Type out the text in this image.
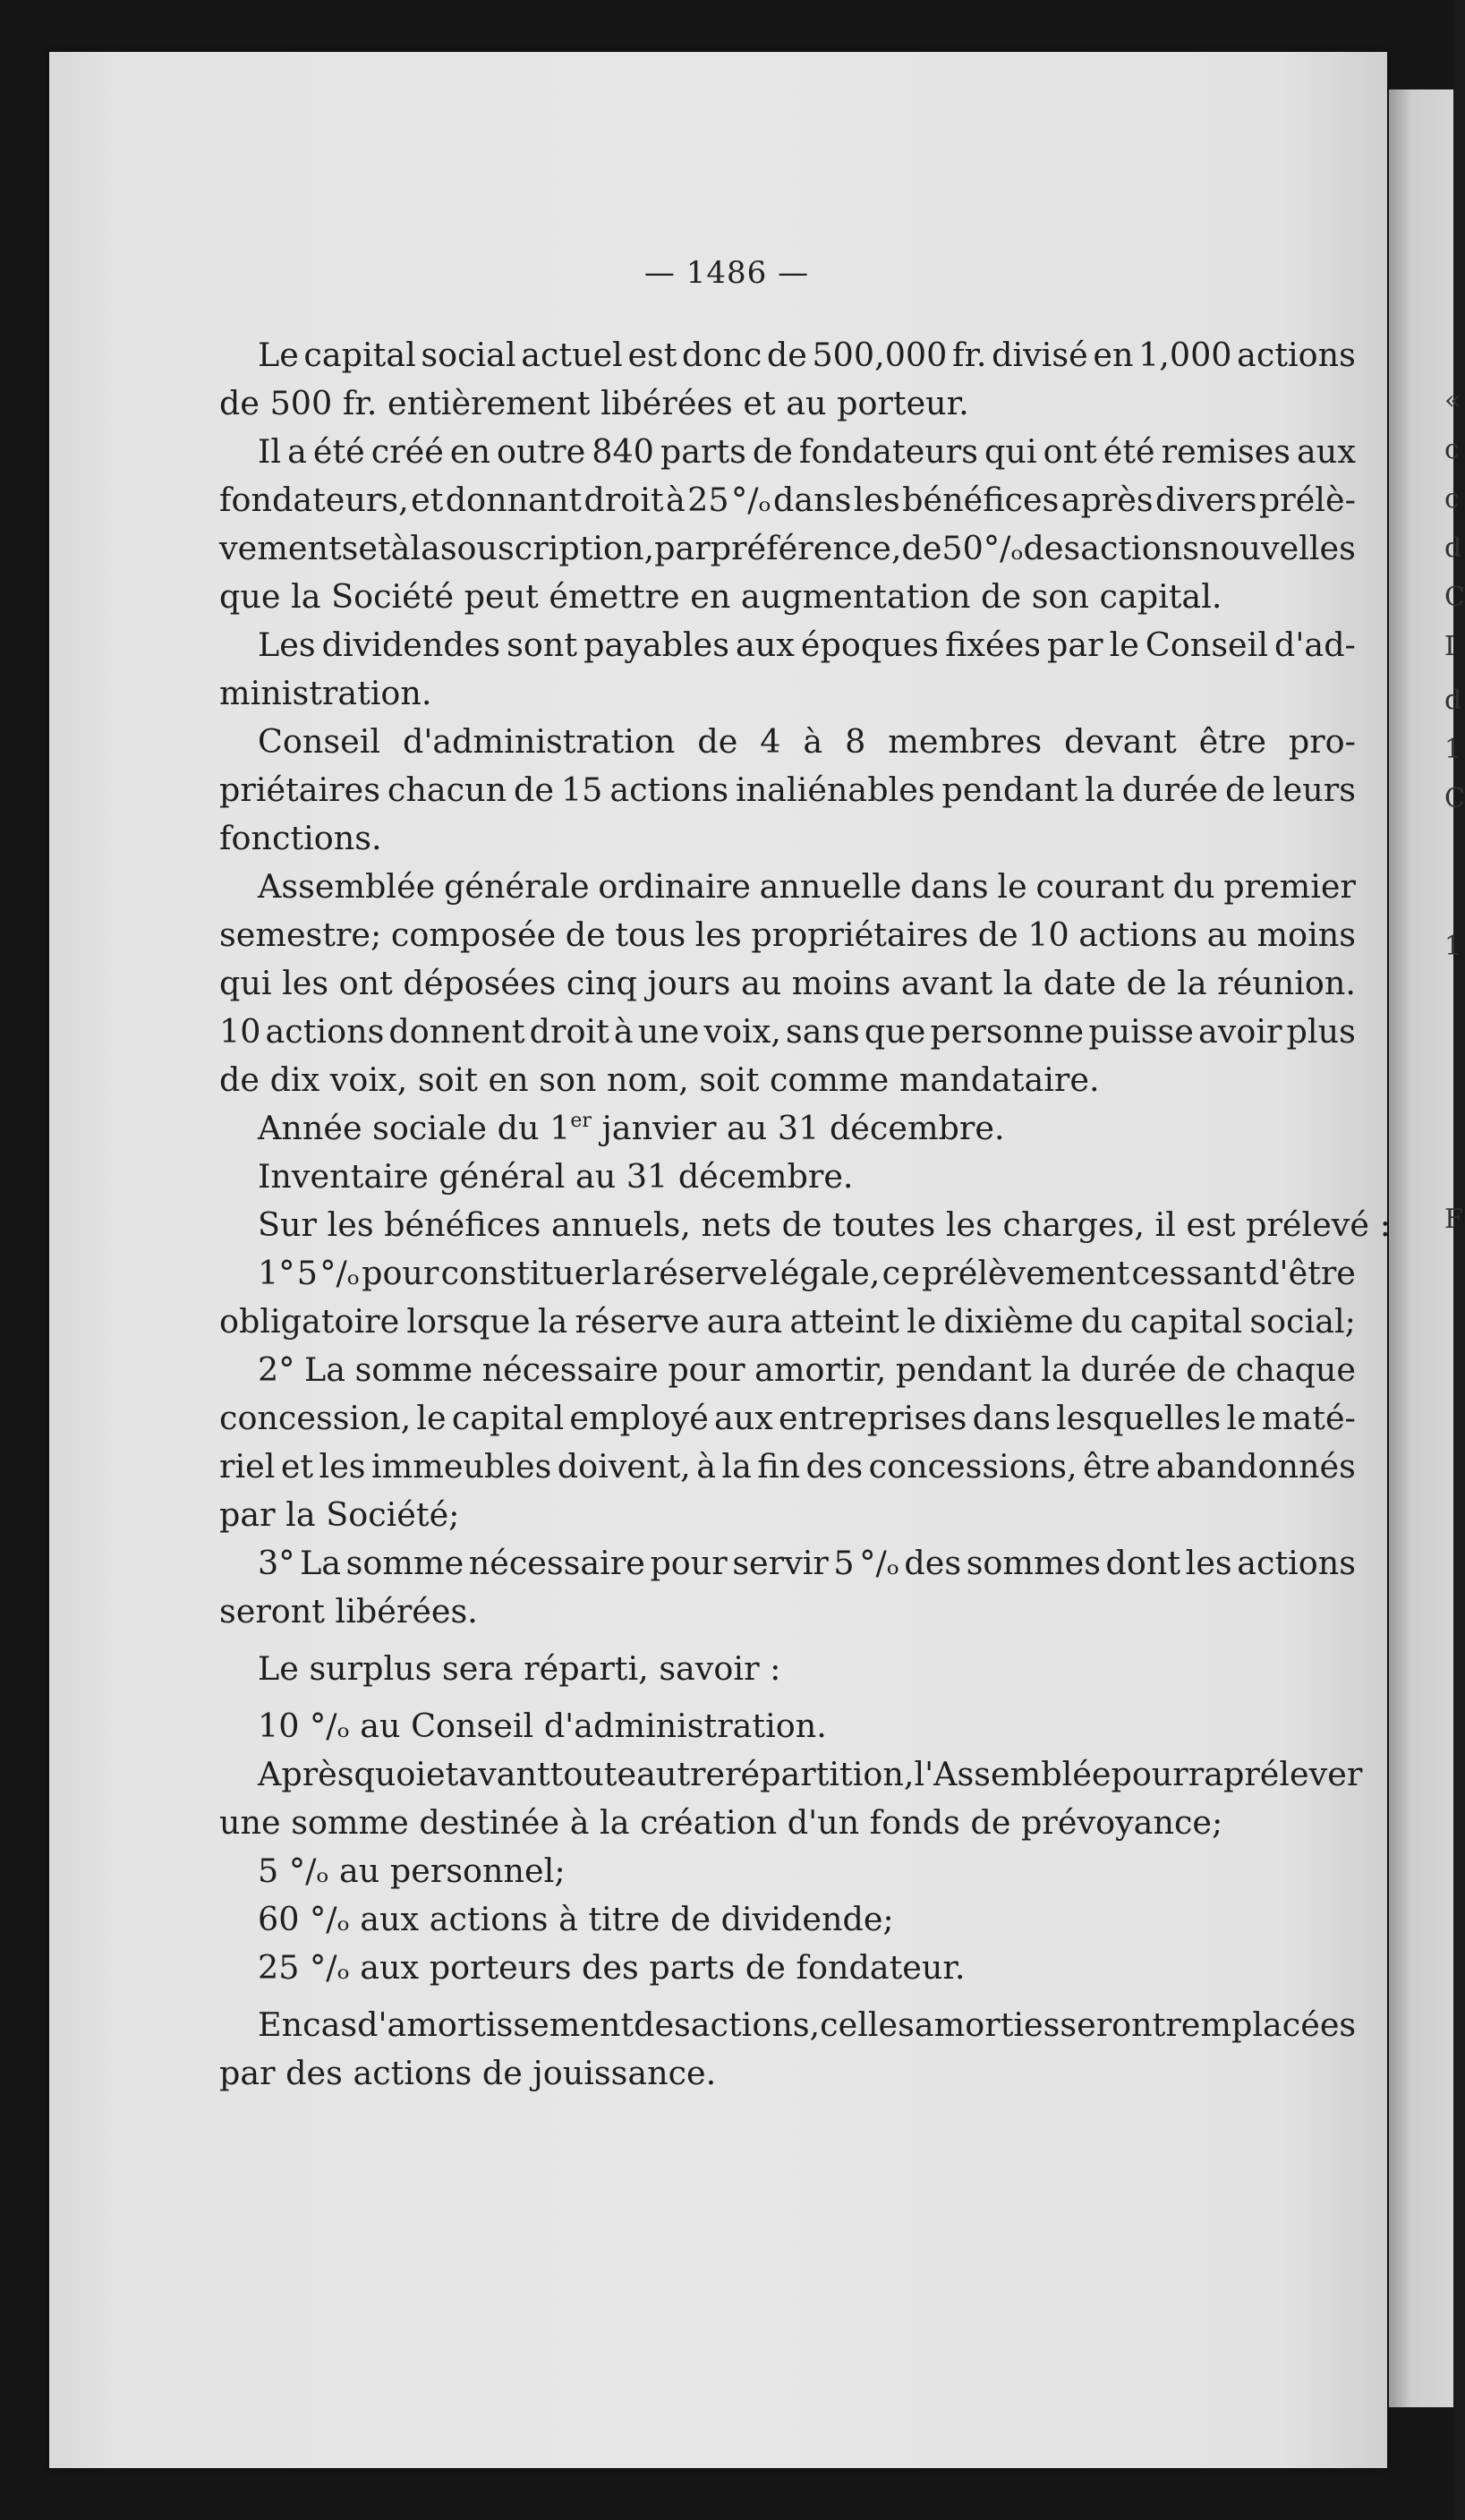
«
c
c
d
C
I
d
1
C
1
F
— 1486 —
Le capital social actuel est donc de 500,000 fr. divisé en 1,000 actions
de 500 fr. entièrement libérées et au porteur.
Il a été créé en outre 840 parts de fondateurs qui ont été remises aux
fondateurs, et donnant droit à 25 °/ₒ dans les bénéfices après divers prélè-
vements et à la souscription, par préférence, de 50 °/ₒ des actions nouvelles
que la Société peut émettre en augmentation de son capital.
Les dividendes sont payables aux époques fixées par le Conseil d'ad-
ministration.
Conseil d'administration de 4 à 8 membres devant être pro-
priétaires chacun de 15 actions inaliénables pendant la durée de leurs
fonctions.
Assemblée générale ordinaire annuelle dans le courant du premier
semestre; composée de tous les propriétaires de 10 actions au moins
qui les ont déposées cinq jours au moins avant la date de la réunion.
10 actions donnent droit à une voix, sans que personne puisse avoir plus
de dix voix, soit en son nom, soit comme mandataire.
Année sociale du 1er janvier au 31 décembre.
Inventaire général au 31 décembre.
Sur les bénéfices annuels, nets de toutes les charges, il est prélevé :
1° 5 °/ₒ pour constituer la réserve légale, ce prélèvement cessant d'être
obligatoire lorsque la réserve aura atteint le dixième du capital social;
2° La somme nécessaire pour amortir, pendant la durée de chaque
concession, le capital employé aux entreprises dans lesquelles le maté-
riel et les immeubles doivent, à la fin des concessions, être abandonnés
par la Société;
3° La somme nécessaire pour servir 5 °/ₒ des sommes dont les actions
seront libérées.
Le surplus sera réparti, savoir :
10 °/ₒ au Conseil d'administration.
Après quoi et avant toute autre répartition, l'Assemblée pourra prélever
une somme destinée à la création d'un fonds de prévoyance;
5 °/ₒ au personnel;
60 °/ₒ aux actions à titre de dividende;
25 °/ₒ aux porteurs des parts de fondateur.
En cas d'amortissement des actions, celles amorties seront remplacées
par des actions de jouissance.
